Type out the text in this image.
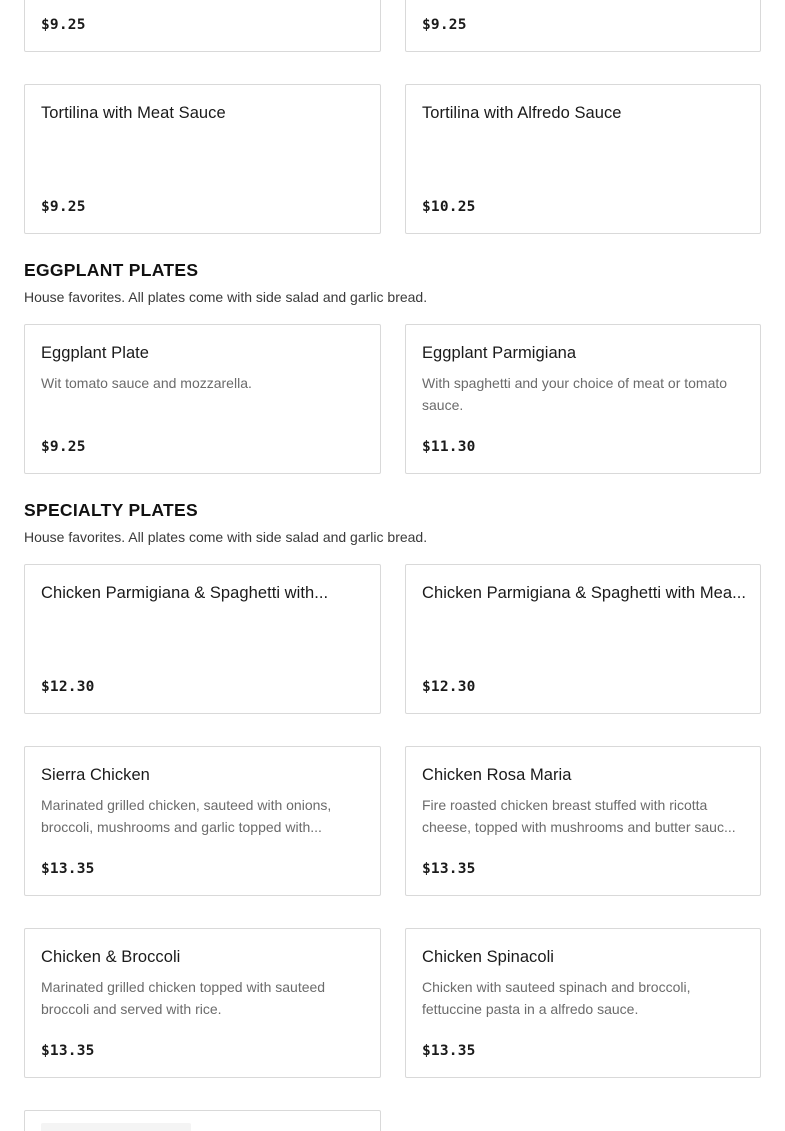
$9.25	$9.25
Tortilina with Meat Sauce
$9.25
Tortilina with Alfredo Sauce
$10.25
EGGPLANT PLATES
House favorites. All plates come with side salad and garlic bread.
Eggplant Plate
Wit tomato sauce and mozzarella.
$9.25
Eggplant Parmigiana
With spaghetti and your choice of meat or tomato sauce.
$11.30
SPECIALTY PLATES
House favorites. All plates come with side salad and garlic bread.
Chicken Parmigiana & Spaghetti with...
$12.30
Chicken Parmigiana & Spaghetti with Mea...
$12.30
Sierra Chicken
Marinated grilled chicken, sauteed with onions, broccoli, mushrooms and garlic topped with...
$13.35
Chicken Rosa Maria
Fire roasted chicken breast stuffed with ricotta cheese, topped with mushrooms and butter sauc...
$13.35
Chicken & Broccoli
Marinated grilled chicken topped with sauteed broccoli and served with rice.
$13.35
Chicken Spinacoli
Chicken with sauteed spinach and broccoli, fettuccine pasta in a alfredo sauce.
$13.35
